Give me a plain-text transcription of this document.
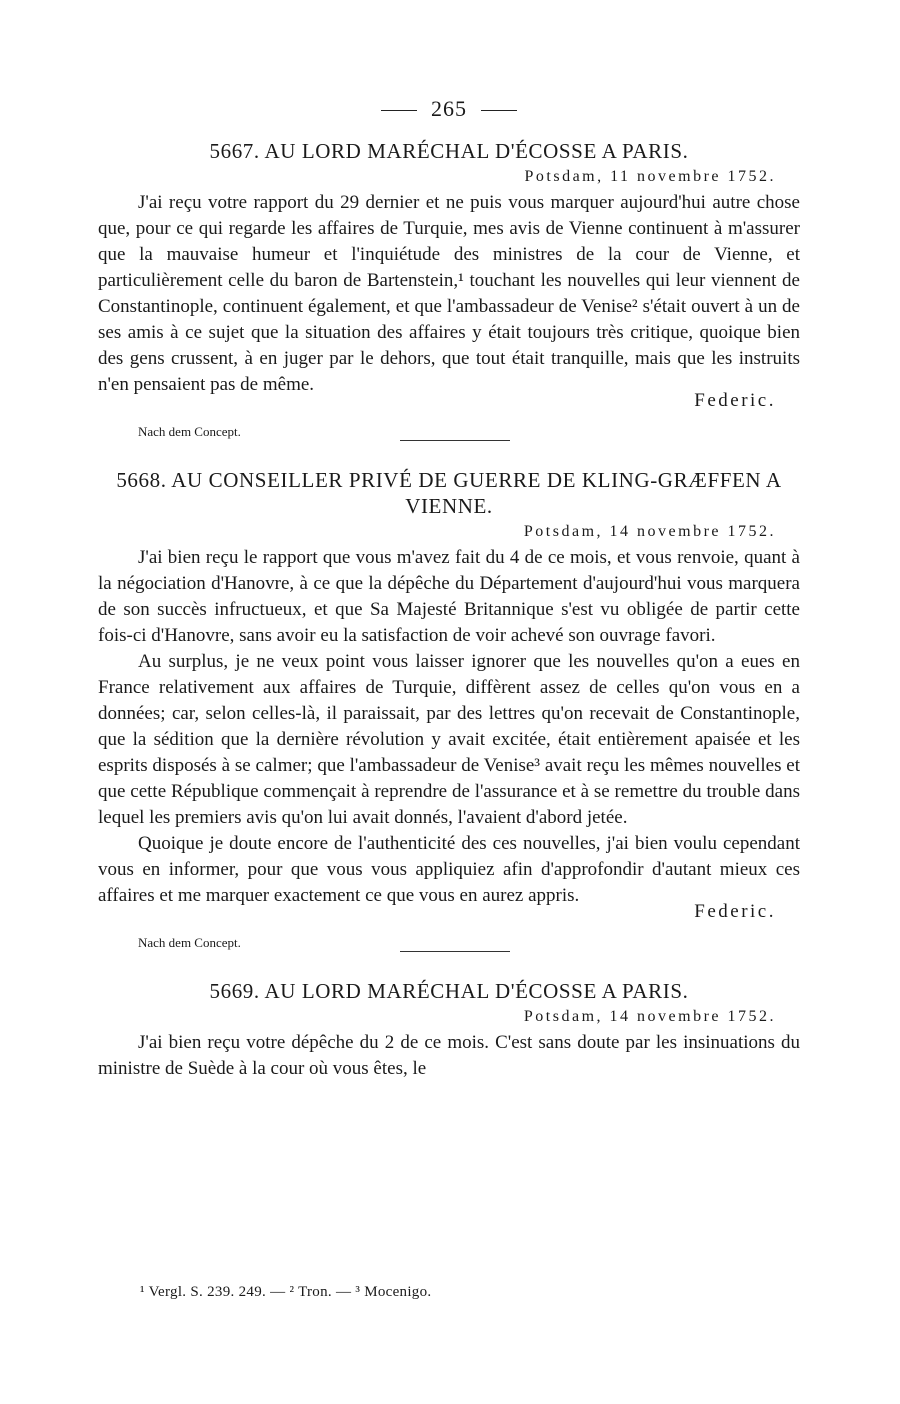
265
5667. AU LORD MARÉCHAL D'ÉCOSSE A PARIS.
Potsdam, 11 novembre 1752.

J'ai reçu votre rapport du 29 dernier et ne puis vous marquer aujourd'hui autre chose que, pour ce qui regarde les affaires de Turquie, mes avis de Vienne continuent à m'assurer que la mauvaise humeur et l'inquiétude des ministres de la cour de Vienne, et particulièrement celle du baron de Bartenstein,¹ touchant les nouvelles qui leur viennent de Constantinople, continuent également, et que l'ambassadeur de Venise² s'était ouvert à un de ses amis à ce sujet que la situation des affaires y était toujours très critique, quoique bien des gens crussent, à en juger par le dehors, que tout était tranquille, mais que les instruits n'en pensaient pas de même.

Federic.
Nach dem Concept.
5668. AU CONSEILLER PRIVÉ DE GUERRE DE KLING-GRÆFFEN A VIENNE.
Potsdam, 14 novembre 1752.

J'ai bien reçu le rapport que vous m'avez fait du 4 de ce mois, et vous renvoie, quant à la négociation d'Hanovre, à ce que la dépêche du Département d'aujourd'hui vous marquera de son succès infructueux, et que Sa Majesté Britannique s'est vu obligée de partir cette fois-ci d'Hanovre, sans avoir eu la satisfaction de voir achevé son ouvrage favori.

Au surplus, je ne veux point vous laisser ignorer que les nouvelles qu'on a eues en France relativement aux affaires de Turquie, diffèrent assez de celles qu'on vous en a données; car, selon celles-là, il paraissait, par des lettres qu'on recevait de Constantinople, que la sédition que la dernière révolution y avait excitée, était entièrement apaisée et les esprits disposés à se calmer; que l'ambassadeur de Venise³ avait reçu les mêmes nouvelles et que cette République commençait à reprendre de l'assurance et à se remettre du trouble dans lequel les premiers avis qu'on lui avait donnés, l'avaient d'abord jetée.

Quoique je doute encore de l'authenticité des ces nouvelles, j'ai bien voulu cependant vous en informer, pour que vous vous appliquiez afin d'approfondir d'autant mieux ces affaires et me marquer exactement ce que vous en aurez appris.

Federic.
Nach dem Concept.
5669. AU LORD MARÉCHAL D'ÉCOSSE A PARIS.
Potsdam, 14 novembre 1752.

J'ai bien reçu votre dépêche du 2 de ce mois. C'est sans doute par les insinuations du ministre de Suède à la cour où vous êtes, le

¹ Vergl. S. 239. 249. — ² Tron. — ³ Mocenigo.
